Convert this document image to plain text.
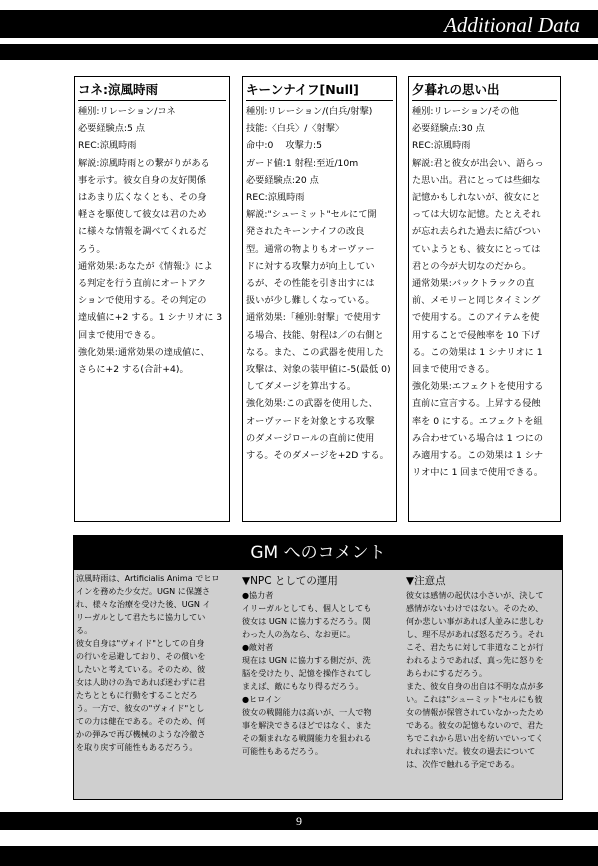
Additional Data
コネ:涼風時雨
種別:リレーション/コネ
必要経験点:5 点
REC:涼風時雨
解説:涼風時雨との繋がりがある
事を示す。彼女自身の友好関係
はあまり広くなくとも、その身
軽さを駆使して彼女は君のため
に様々な情報を調べてくれるだ
ろう。
通常効果:あなたが《情報:》によ
る判定を行う直前にオートアク
ションで使用する。その判定の
達成値に+2 する。1 シナリオに 3
回まで使用できる。
強化効果:通常効果の達成値に、
さらに+2 する(合計+4)。
キーンナイフ[Null]
種別:リレーション/(白兵/射撃)
技能:〈白兵〉/〈射撃〉
命中:0　 攻撃力:5
ガード値:1 射程:至近/10m
必要経験点:20 点
REC:涼風時雨
解説:"シューミット"セルにて開
発されたキーンナイフの改良
型。通常の物よりもオーヴァー
ドに対する攻撃力が向上してい
るが、その性能を引き出すには
扱いが少し難しくなっている。
通常効果:「種別:射撃」で使用す
る場合、技能、射程は／の右側と
なる。また、この武器を使用した
攻撃は、対象の装甲値に-5(最低 0)
してダメージを算出する。
強化効果:この武器を使用した、
オーヴァードを対象とする攻撃
のダメージロールの直前に使用
する。そのダメージを+2D する。
夕暮れの思い出
種別:リレーション/その他
必要経験点:30 点
REC:涼風時雨
解説:君と彼女が出会い、語らっ
た思い出。君にとっては些細な
記憶かもしれないが、彼女にと
っては大切な記憶。たとえそれ
が忘れ去られた過去に結びつい
ていようとも、彼女にとっては
君との今が大切なのだから。
通常効果:バックトラックの直
前、メモリーと同じタイミング
で使用する。このアイテムを使
用することで侵蝕率を 10 下げ
る。この効果は 1 シナリオに 1
回まで使用できる。
強化効果:エフェクトを使用する
直前に宣言する。上昇する侵蝕
率を 0 にする。エフェクトを組
み合わせている場合は 1 つにの
み適用する。この効果は 1 シナ
リオ中に 1 回まで使用できる。
GM へのコメント
涼風時雨は、Artificialis Anima でヒロ
インを務めた少女だ。UGN に保護さ
れ、様々な治療を受けた後、UGN イ
リーガルとして君たちに協力してい
る。
彼女自身は"ヴォイド"としての自身
の行いを忌避しており、その償いを
したいと考えている。そのため、彼
女は人助けの為であれば迷わずに君
たちとともに行動をすることだろ
う。一方で、彼女の"ヴォイド"とし
ての力は健在である。そのため、何
かの弾みで再び機械のような冷徹さ
を取り戻す可能性もあるだろう。
▼NPC としての運用
●協力者
イリーガルとしても、個人としても
彼女は UGN に協力するだろう。関
わった人の為なら、なお更に。
●敵対者
現在は UGN に協力する側だが、洗
脳を受けたり、記憶を操作されてし
まえば、敵にもなり得るだろう。
●ヒロイン
彼女の戦闘能力は高いが、一人で物
事を解決できるほどではなく、また
その類まれなる戦闘能力を狙われる
可能性もあるだろう。
▼注意点
彼女は感情の起伏は小さいが、決して
感情がないわけではない。そのため、
何か悲しい事があれば人並みに悲しむ
し、理不尽があれば怒るだろう。それ
こそ、君たちに対して非道なことが行
われるようであれば、真っ先に怒りを
あらわにするだろう。
また、彼女自身の出自は不明な点が多
い。これは"シューミット"セルにも彼
女の情報が保管されていなかったため
である。彼女の記憶もないので、君た
ちでこれから思い出を紡いでいってく
れれば幸いだ。彼女の過去について
は、次作で触れる予定である。
9
